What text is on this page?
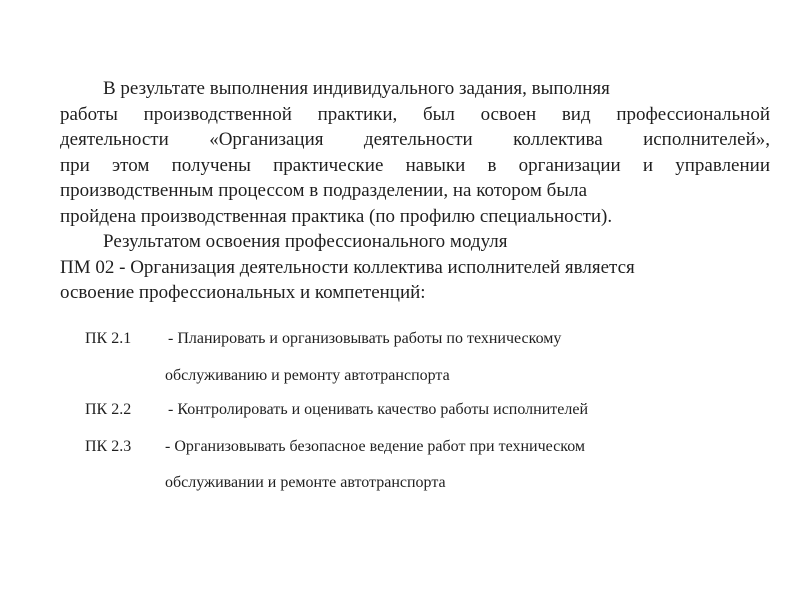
В результате выполнения индивидуального задания, выполняя
работы производственной практики, был освоен вид профессиональной
деятельности «Организация деятельности коллектива исполнителей»,
при этом получены практические навыки в организации и управлении
производственным процессом в подразделении, на котором была
пройдена производственная практика (по профилю специальности).
Результатом освоения профессионального модуля
ПМ 02 - Организация деятельности коллектива исполнителей является
освоение профессиональных и компетенций:
ПК 2.1 - Планировать и организовывать работы по техническому
обслуживанию и ремонту автотранспорта
ПК 2.2 - Контролировать и оценивать качество работы исполнителей
ПК 2.3 - Организовывать безопасное ведение работ при техническом
обслуживании и ремонте автотранспорта
